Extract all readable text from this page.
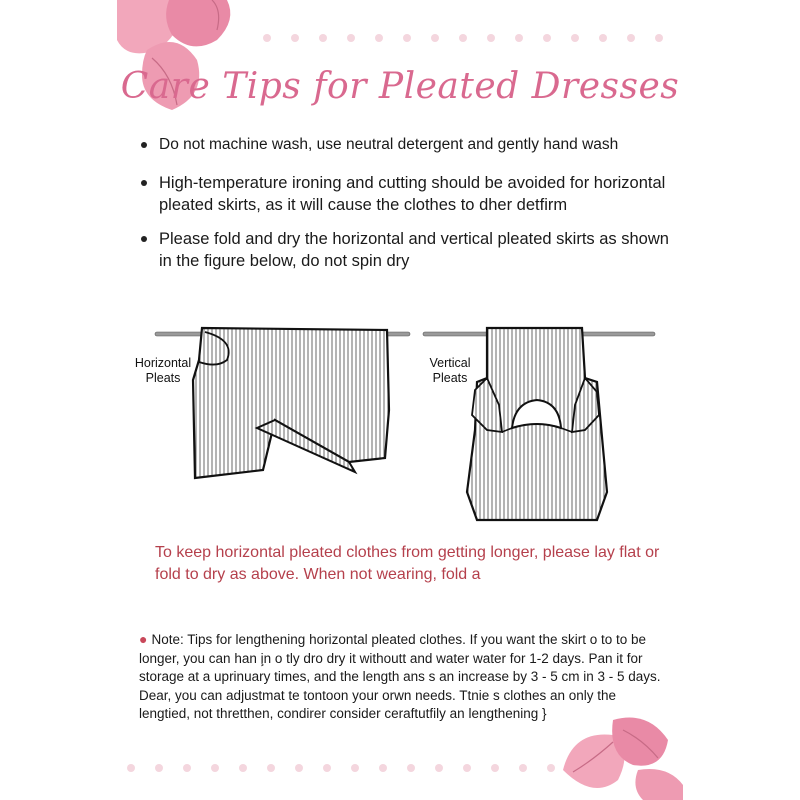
Care Tips for Pleated Dresses
Do not machine wash, use neutral detergent and gently hand wash
High-temperature ironing and cutting should be avoided for horizontal pleated skirts, as it will cause the clothes to dher detfirm
Please fold and dry the horizontal and vertical pleated skirts as shown in the figure below, do not spin dry
Horizontal Pleats
Vertical Pleats
To keep horizontal pleated clothes from getting longer, please lay flat or fold to dry as above. When not wearing, fold a
● Note: Tips for lengthening horizontal pleated clothes. If you want the skirt o to to be longer, you can han i̧n o tly dro dry it withoutt and water water for 1-2 days. Pan it for storage at a uprinuary times, and the length ans s an increase by 3 - 5 cm in 3 - 5 days. Dear, you can adjustmat te tontoon your orwn needs. Ttnie s clothes an only the lengtied, not thretthen, condirer consider ceraftutfily an lengthening }
